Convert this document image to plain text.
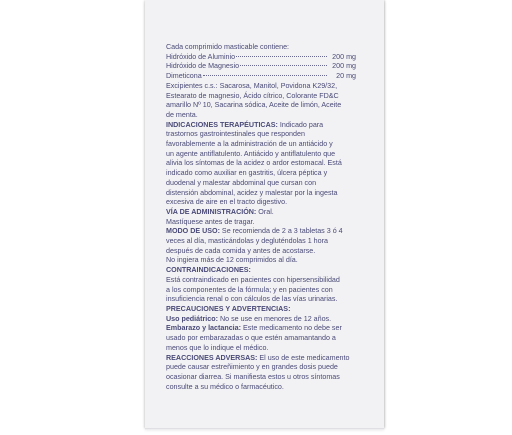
Cada comprimido masticable contiene:
Hidróxido de Aluminio	200 mg
Hidróxido de Magnesio	200 mg
Dimeticona	20 mg
Excipientes c.s.: Sacarosa, Manitol, Povidona K29/32,
Estearato de magnesio, Ácido cítrico, Colorante FD&C
amarillo Nº 10, Sacarina sódica, Aceite de limón, Aceite
de menta.
INDICACIONES TERAPÉUTICAS: Indicado para
trastornos gastrointestinales que responden
favorablemente a la administración de un antiácido y
un agente antiflatulento. Antiácido y antiflatulento que
alivia los síntomas de la acidez o ardor estomacal. Está
indicado como auxiliar en gastritis, úlcera péptica y
duodenal y malestar abdominal que cursan con
distensión abdominal, acidez y malestar por la ingesta
excesiva de aire en el tracto digestivo.
VÍA DE ADMINISTRACIÓN: Oral.
Mastíquese antes de tragar.
MODO DE USO: Se recomienda de 2 a 3 tabletas 3 ó 4
veces al día, masticándolas y degluténdolas 1 hora
después de cada comida y antes de acostarse.
No ingiera más de 12 comprimidos al día.
CONTRAINDICACIONES:
Está contraindicado en pacientes con hipersensibilidad
a los componentes de la fórmula; y en pacientes con
insuficiencia renal o con cálculos de las vías urinarias.
PRECAUCIONES Y ADVERTENCIAS:
Uso pediátrico: No se use en menores de 12 años.
Embarazo y lactancia: Este medicamento no debe ser
usado por embarazadas o que estén amamantando a
menos que lo indique el médico.
REACCIONES ADVERSAS: El uso de este medicamento
puede causar estreñimiento y en grandes dosis puede
ocasionar diarrea. Si manifiesta estos u otros síntomas
consulte a su médico o farmacéutico.
